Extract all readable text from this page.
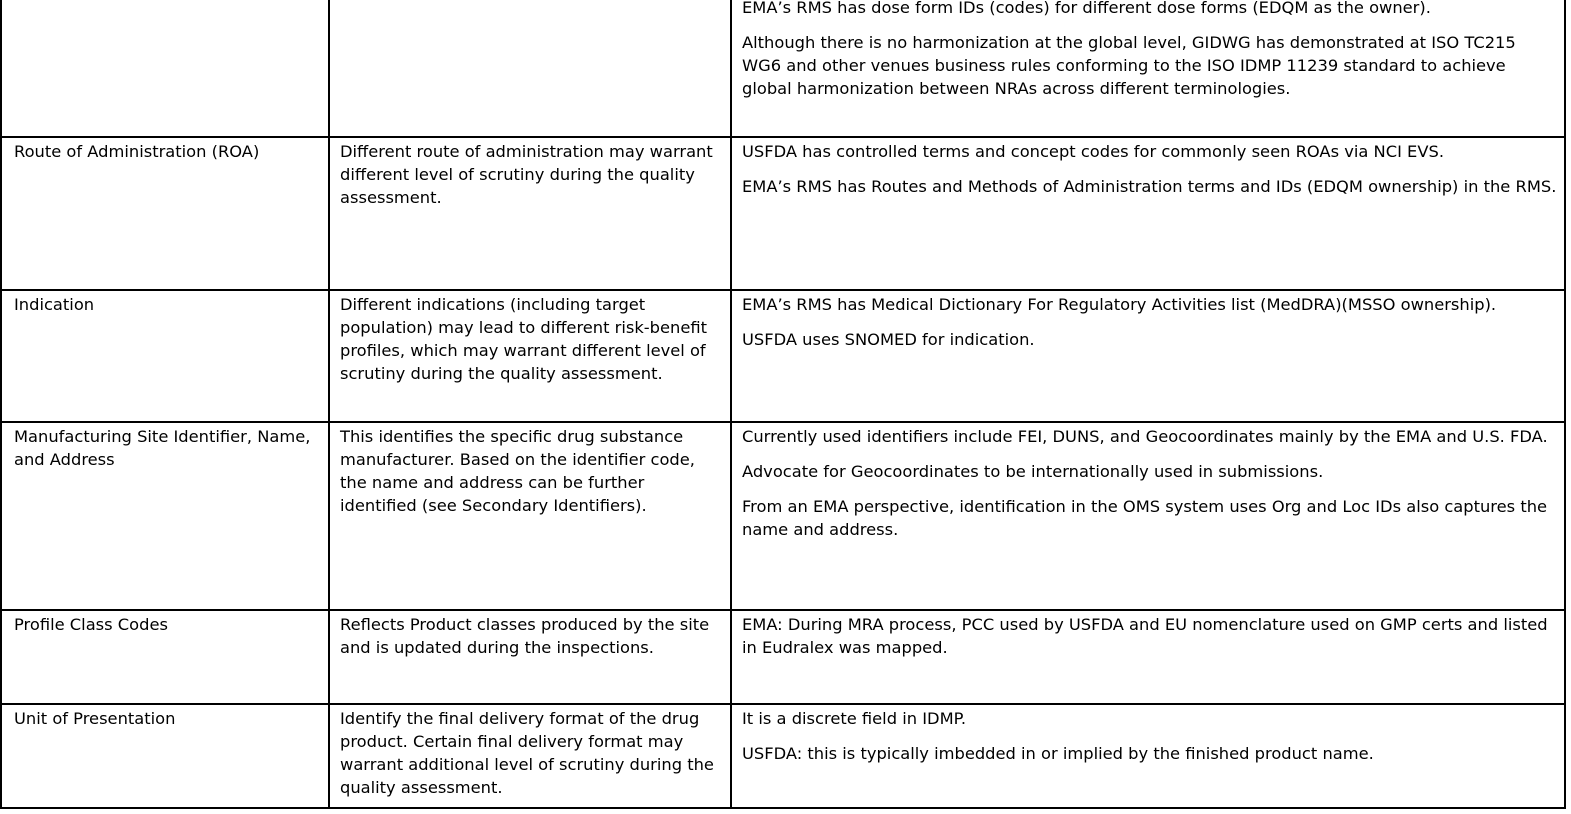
		EMA’s RMS has dose form IDs (codes) for different dose forms (EDQM as the owner).

Although there is no harmonization at the global level, GIDWG has demonstrated at ISO TC215 WG6 and other venues business rules conforming to the ISO IDMP 11239 standard to achieve global harmonization between NRAs across different terminologies.

Route of Administration (ROA)	Different route of administration may warrant different level of scrutiny during the quality assessment.	USFDA has controlled terms and concept codes for commonly seen ROAs via NCI EVS.

EMA’s RMS has Routes and Methods of Administration terms and IDs (EDQM ownership) in the RMS.

Indication	Different indications (including target population) may lead to different risk-benefit profiles, which may warrant different level of scrutiny during the quality assessment.	EMA’s RMS has Medical Dictionary For Regulatory Activities list (MedDRA)(MSSO ownership).

USFDA uses SNOMED for indication.

Manufacturing Site Identifier, Name, and Address	This identifies the specific drug substance manufacturer. Based on the identifier code, the name and address can be further identified (see Secondary Identifiers).	Currently used identifiers include FEI, DUNS, and Geocoordinates mainly by the EMA and U.S. FDA.

Advocate for Geocoordinates to be internationally used in submissions.

From an EMA perspective, identification in the OMS system uses Org and Loc IDs also captures the name and address.

Profile Class Codes	Reflects Product classes produced by the site and is updated during the inspections.	EMA: During MRA process, PCC used by USFDA and EU nomenclature used on GMP certs and listed in Eudralex was mapped.

Unit of Presentation	Identify the final delivery format of the drug product. Certain final delivery format may warrant additional level of scrutiny during the quality assessment.	It is a discrete field in IDMP.

USFDA: this is typically imbedded in or implied by the finished product name.
